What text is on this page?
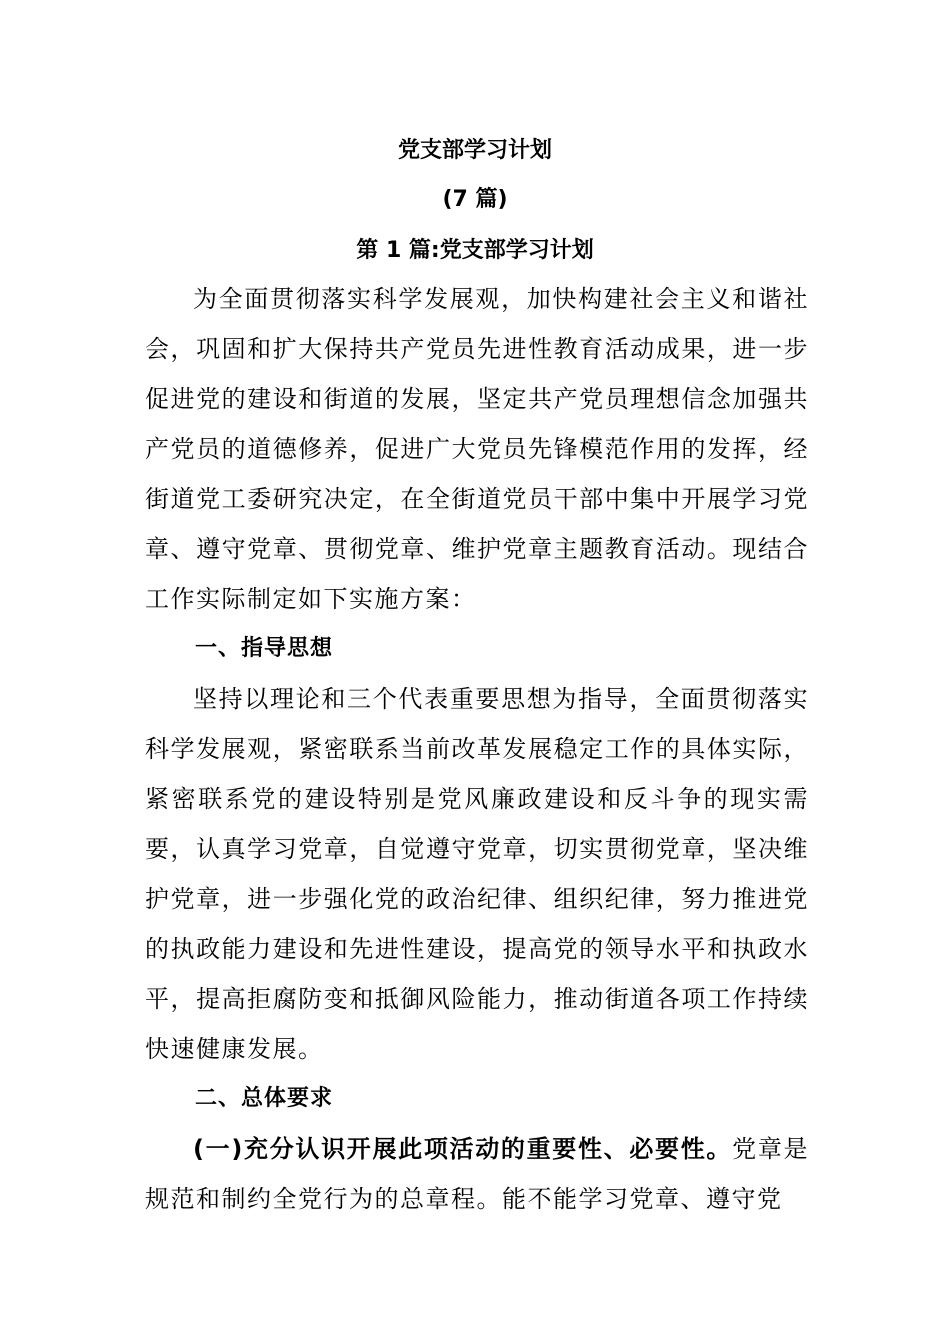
党支部学习计划
(7 篇)
第 1 篇:党支部学习计划

为全面贯彻落实科学发展观，加快构建社会主义和谐社会，巩固和扩大保持共产党员先进性教育活动成果，进一步促进党的建设和街道的发展，坚定共产党员理想信念加强共产党员的道德修养，促进广大党员先锋模范作用的发挥，经街道党工委研究决定，在全街道党员干部中集中开展学习党章、遵守党章、贯彻党章、维护党章主题教育活动。现结合工作实际制定如下实施方案：

一、指导思想

坚持以理论和三个代表重要思想为指导，全面贯彻落实科学发展观，紧密联系当前改革发展稳定工作的具体实际，紧密联系党的建设特别是党风廉政建设和反斗争的现实需要，认真学习党章，自觉遵守党章，切实贯彻党章，坚决维护党章，进一步强化党的政治纪律、组织纪律，努力推进党的执政能力建设和先进性建设，提高党的领导水平和执政水平，提高拒腐防变和抵御风险能力，推动街道各项工作持续快速健康发展。

二、总体要求

(一)充分认识开展此项活动的重要性、必要性。党章是规范和制约全党行为的总章程。能不能学习党章、遵守党
